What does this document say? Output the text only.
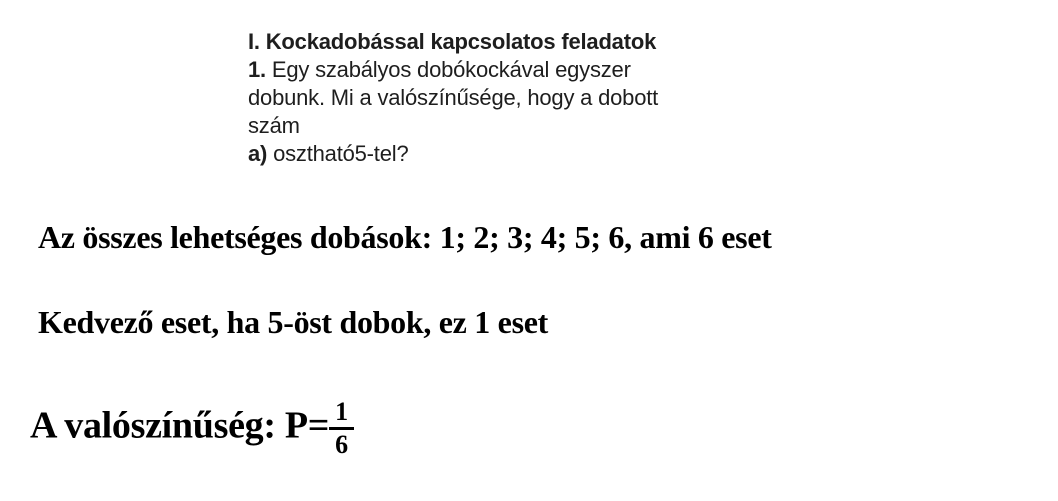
I. Kockadobással kapcsolatos feladatok
1. Egy szabályos dobókockával egyszer
dobunk. Mi a valószínűsége, hogy a dobott
szám
a) osztható5-tel?
Az összes lehetséges dobások: 1; 2; 3; 4; 5; 6, ami 6 eset
Kedvező eset, ha 5-öst dobok, ez 1 eset
A valószínűség: $P= \frac{1}{6}$
